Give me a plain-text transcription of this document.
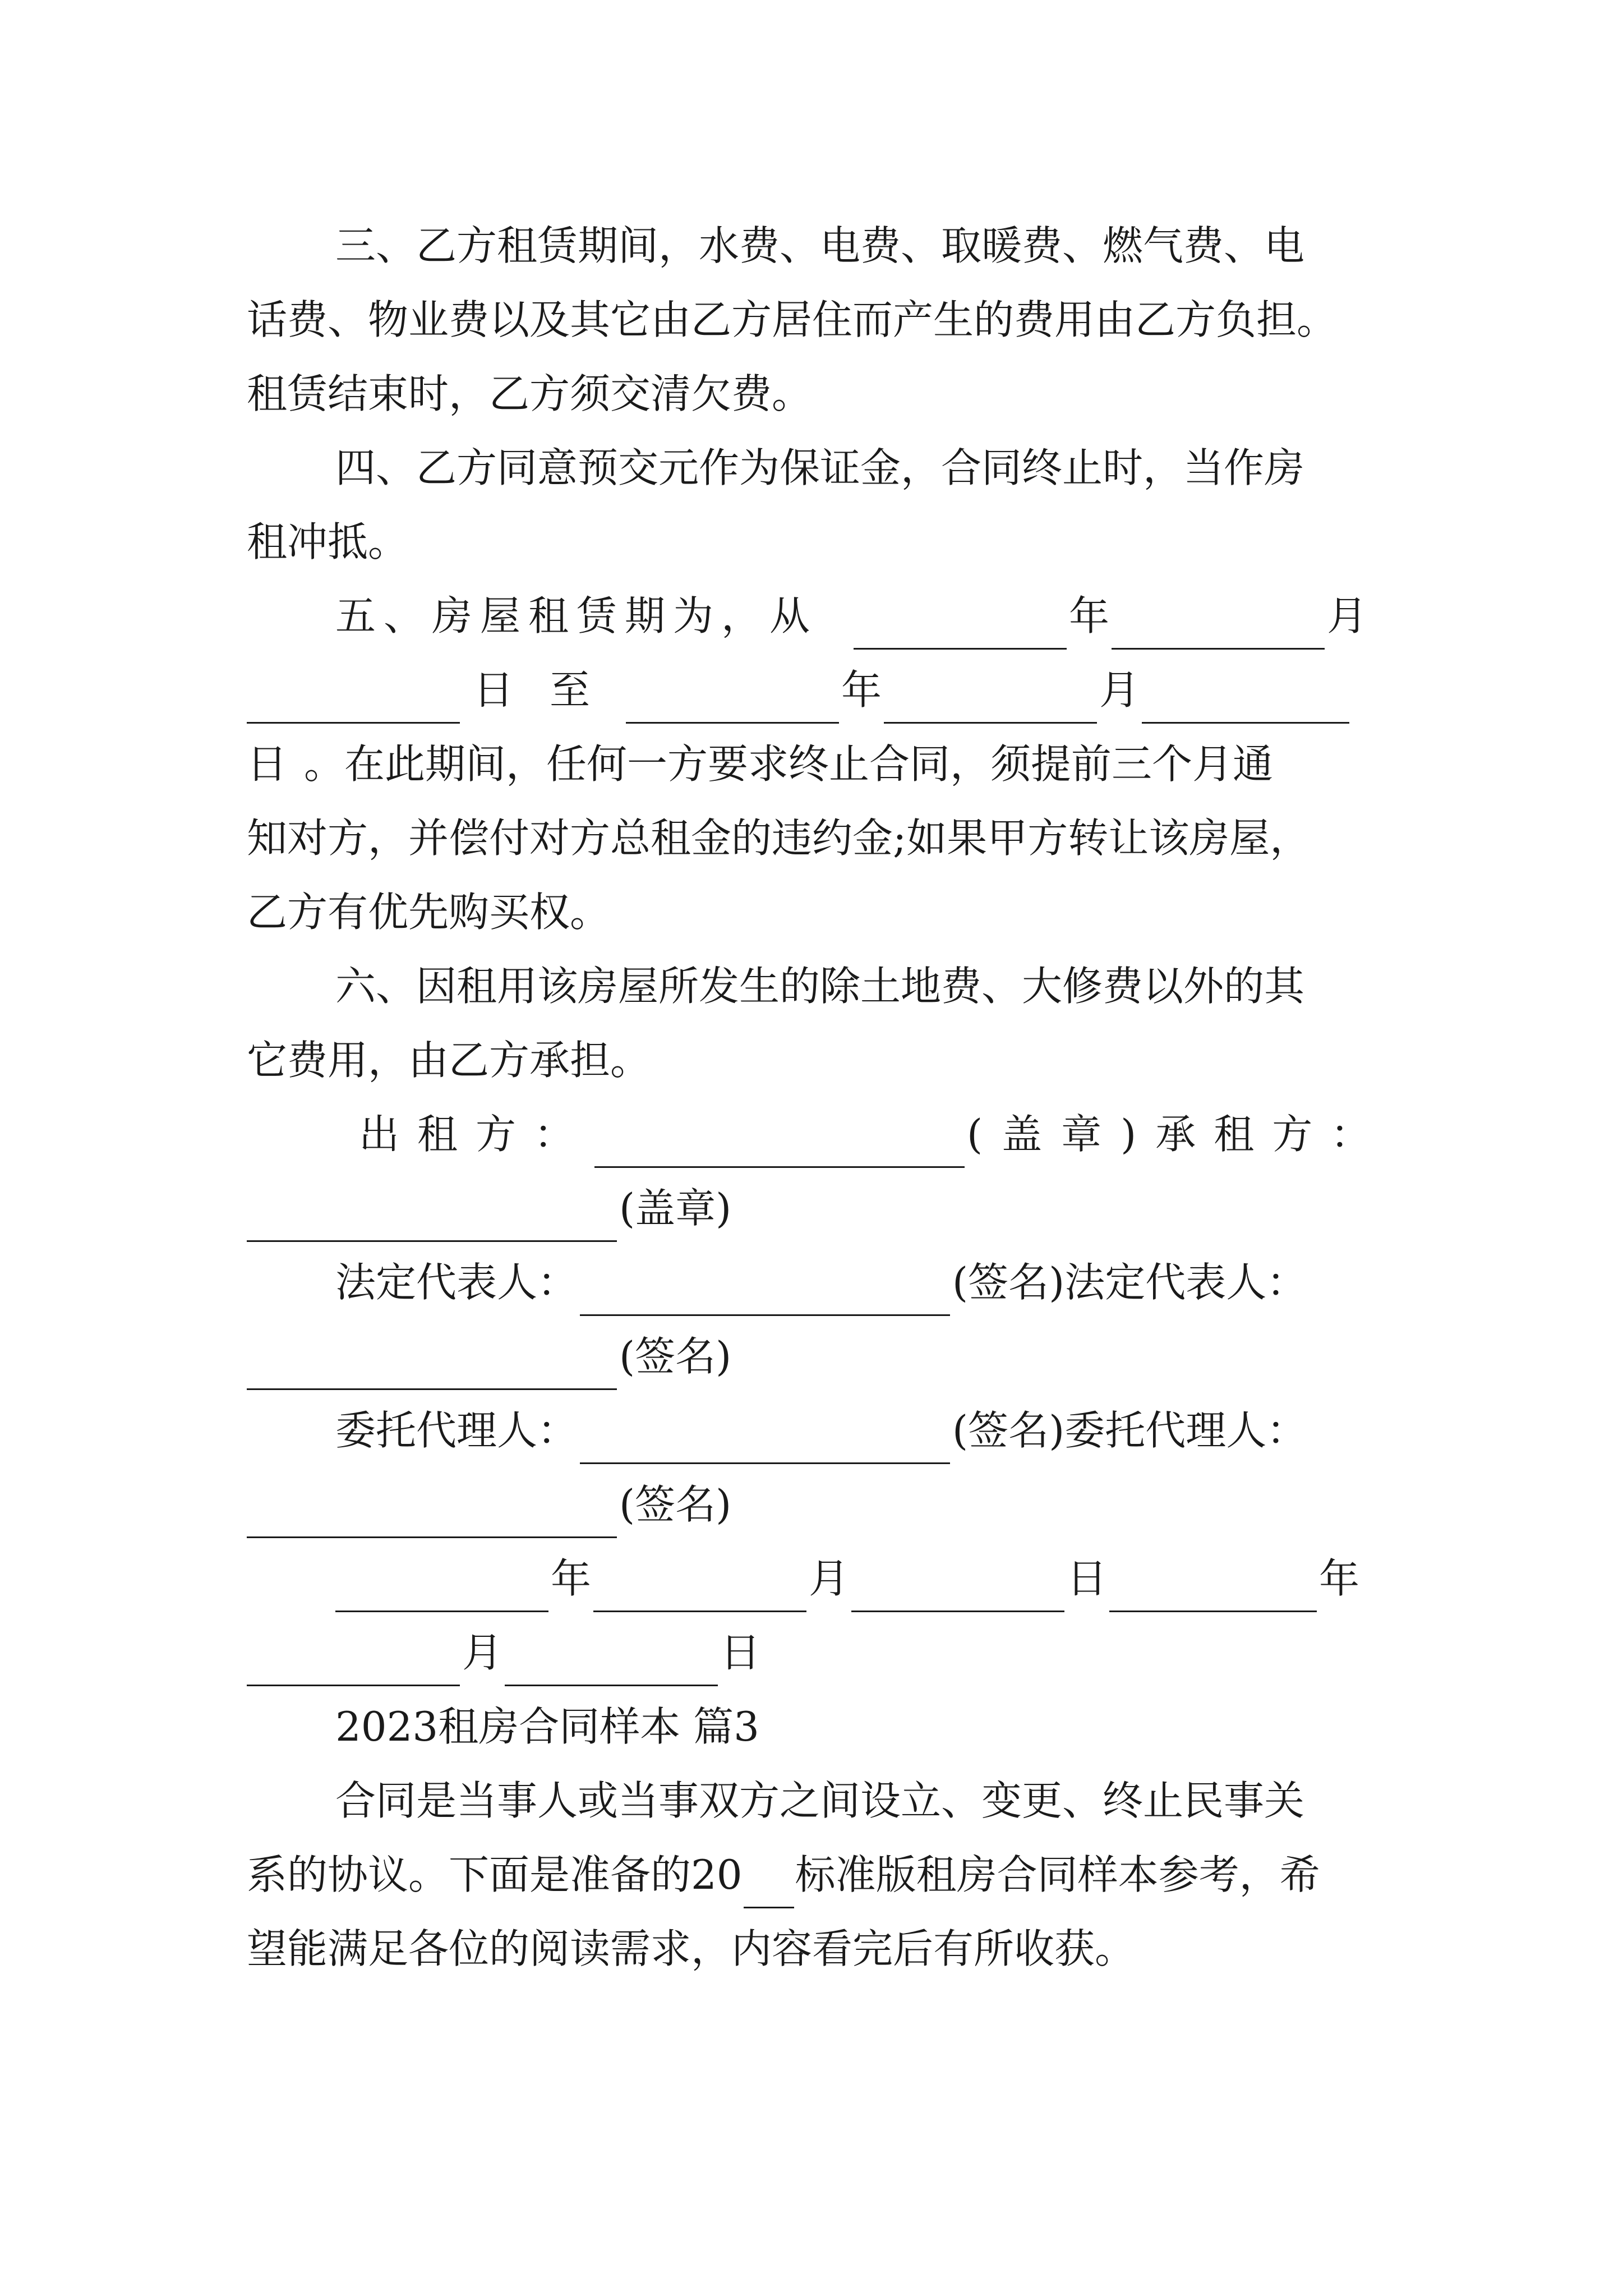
三、乙方租赁期间，水费、电费、取暖费、燃气费、电
话费、物业费以及其它由乙方居住而产生的费用由乙方负担。
租赁结束时，乙方须交清欠费。
四、乙方同意预交元作为保证金，合同终止时，当作房
租冲抵。
五、房屋租赁期为，从	年	月
日 至	年	月
日 。在此期间，任何一方要求终止合同，须提前三个月通
知对方，并偿付对方总租金的违约金;如果甲方转让该房屋，
乙方有优先购买权。
六、因租用该房屋所发生的除土地费、大修费以外的其
它费用，由乙方承担。
出租方：	(盖章) 承租方：
(盖章)
法定代表人：	(签名) 法定代表人：
(签名)
委托代理人：	(签名) 委托代理人：
(签名)
年	月	日	年
月	日
2023租房合同样本 篇3
合同是当事人或当事双方之间设立、变更、终止民事关
系的协议。下面是准备的20 标准版租房合同样本参考，希
望能满足各位的阅读需求，内容看完后有所收获。
